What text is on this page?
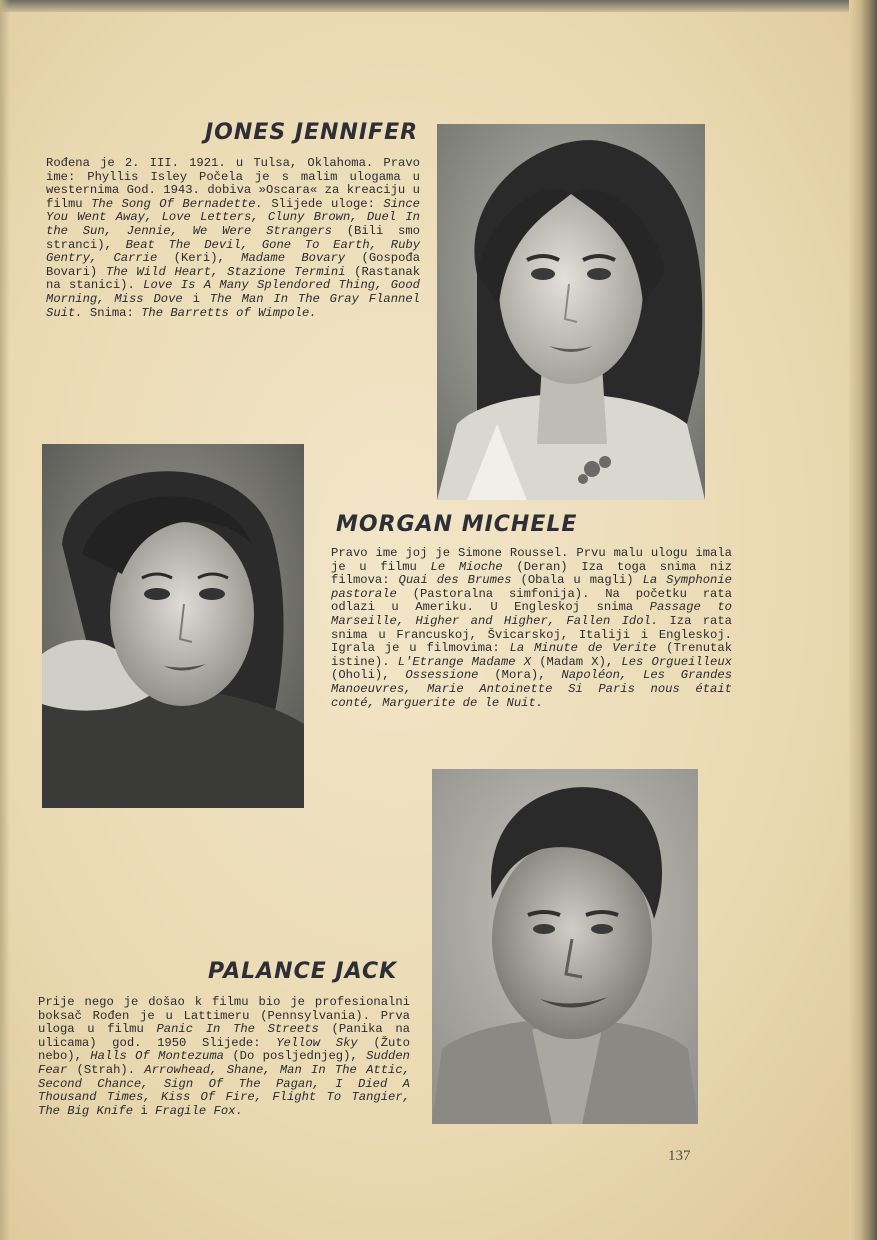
JONES JENNIFER

Rođena je 2. III. 1921. u Tulsa, Oklahoma. Pravo ime: Phyllis Isley Počela je s malim ulogama u westernima God. 1943. dobiva »Oscara« za kreaciju u filmu The Song Of Bernadette. Slijede uloge: Since You Went Away, Love Letters, Cluny Brown, Duel In the Sun, Jennie, We Were Strangers (Bili smo stranci), Beat The Devil, Gone To Earth, Ruby Gentry, Carrie (Keri), Madame Bovary (Gospođa Bovari) The Wild Heart, Stazione Termini (Rastanak na stanici). Love Is A Many Splendored Thing, Good Morning, Miss Dove i The Man In The Gray Flannel Suit. Snima: The Barretts of Wimpole.

MORGAN MICHELE

Pravo ime joj je Simone Roussel. Prvu malu ulogu imala je u filmu Le Mioche (Deran) Iza toga snima niz filmova: Quai des Brumes (Obala u magli) La Symphonie pastorale (Pastoralna simfonija). Na početku rata odlazi u Ameriku. U Engleskoj snima Passage to Marseille, Higher and Higher, Fallen Idol. Iza rata snima u Francuskoj, Švicarskoj, Italiji i Engleskoj. Igrala je u filmovima: La Minute de Verite (Trenutak istine). L'Etrange Madame X (Madam X), Les Orgueilleux (Oholi), Ossessione (Mora), Napoléon, Les Grandes Manoeuvres, Marie Antoinette Si Paris nous était conté, Marguerite de le Nuit.

PALANCE JACK

Prije nego je došao k filmu bio je profesionalni boksač Rođen je u Lattimeru (Pennsylvania). Prva uloga u filmu Panic In The Streets (Panika na ulicama) god. 1950 Slijede: Yellow Sky (Žuto nebo), Halls Of Montezuma (Do posljednjeg), Sudden Fear (Strah). Arrowhead, Shane, Man In The Attic, Second Chance, Sign Of The Pagan, I Died A Thousand Times, Kiss Of Fire, Flight To Tangier, The Big Knife i Fragile Fox.

137
